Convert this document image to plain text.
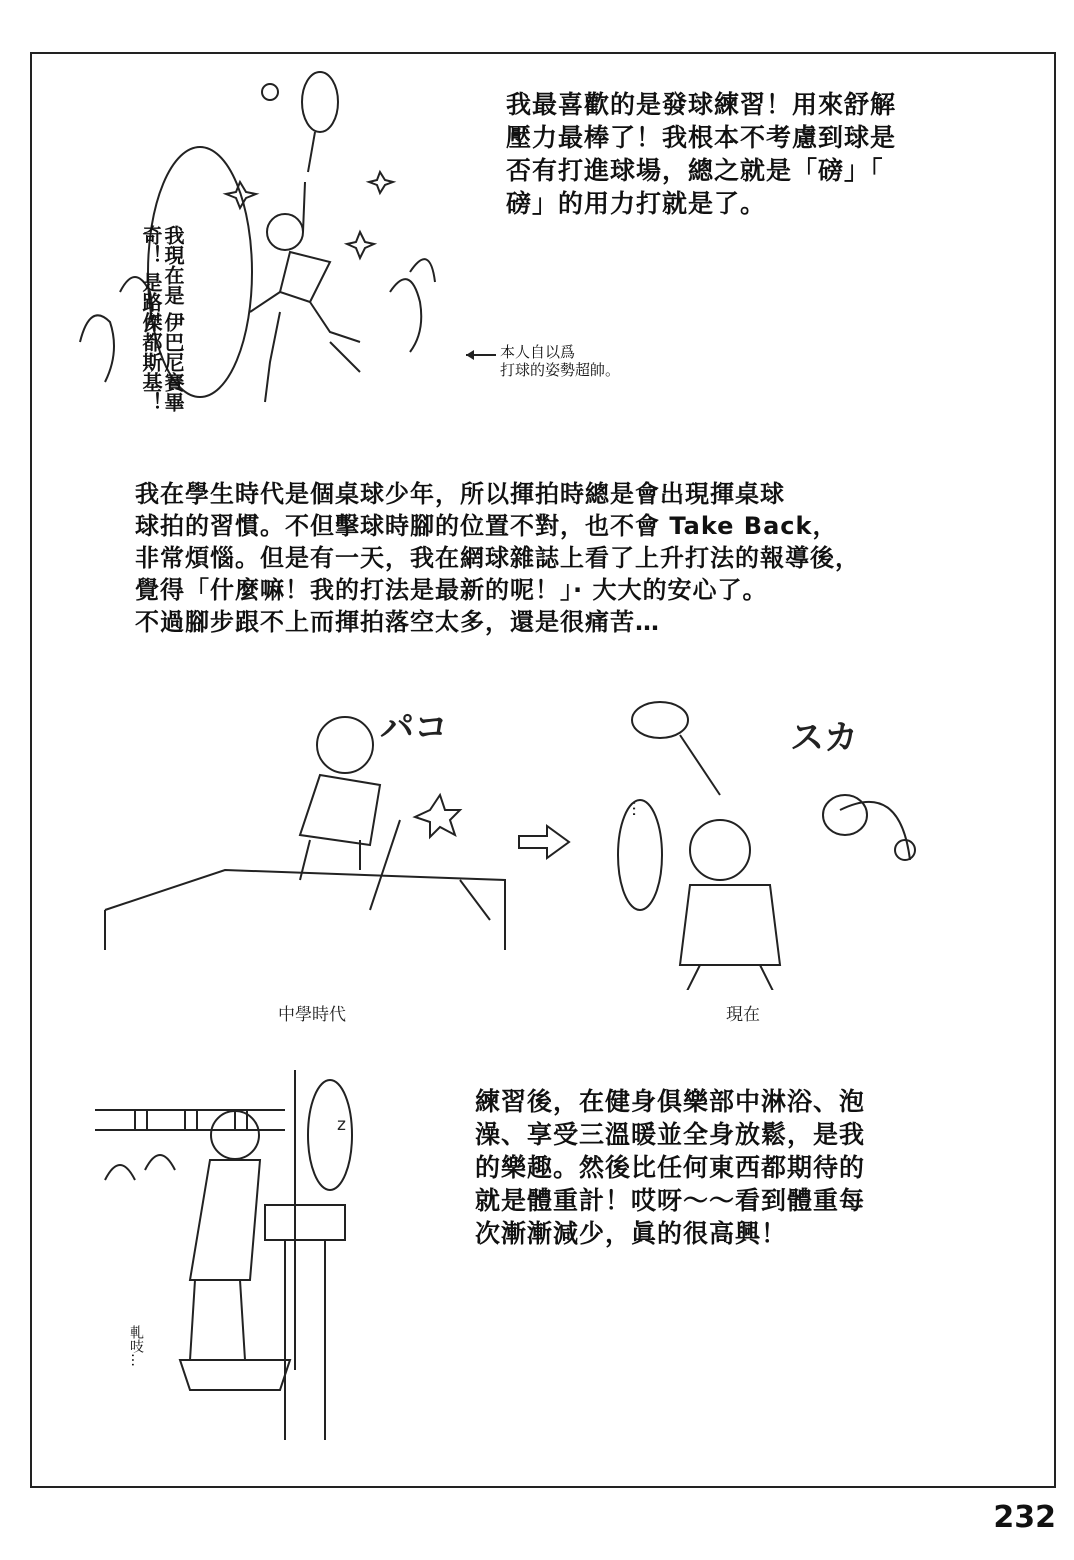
我現在是 伊巴尼賽畢奇！ 是路傑都斯基！	本人自以爲
打球的姿勢超帥。
我最喜歡的是發球練習！用來舒解
壓力最棒了！我根本不考慮到球是
否有打進球場，總之就是「磅」「
磅」的用力打就是了。
我在學生時代是個桌球少年，所以揮拍時總是會出現揮桌球
球拍的習慣。不但擊球時腳的位置不對，也不會 Take Back，
非常煩惱。但是有一天，我在網球雜誌上看了上升打法的報導後，
覺得「什麼嘛！我的打法是最新的呢！」· 大大的安心了。
不過腳步跟不上而揮拍落空太多，還是很痛苦…
パコ	スカ
…
中學時代	現在
z
軋吱…
練習後，在健身俱樂部中淋浴、泡
澡、享受三溫暖並全身放鬆，是我
的樂趣。然後比任何東西都期待的
就是體重計！哎呀～～看到體重每
次漸漸減少，眞的很高興！
232
